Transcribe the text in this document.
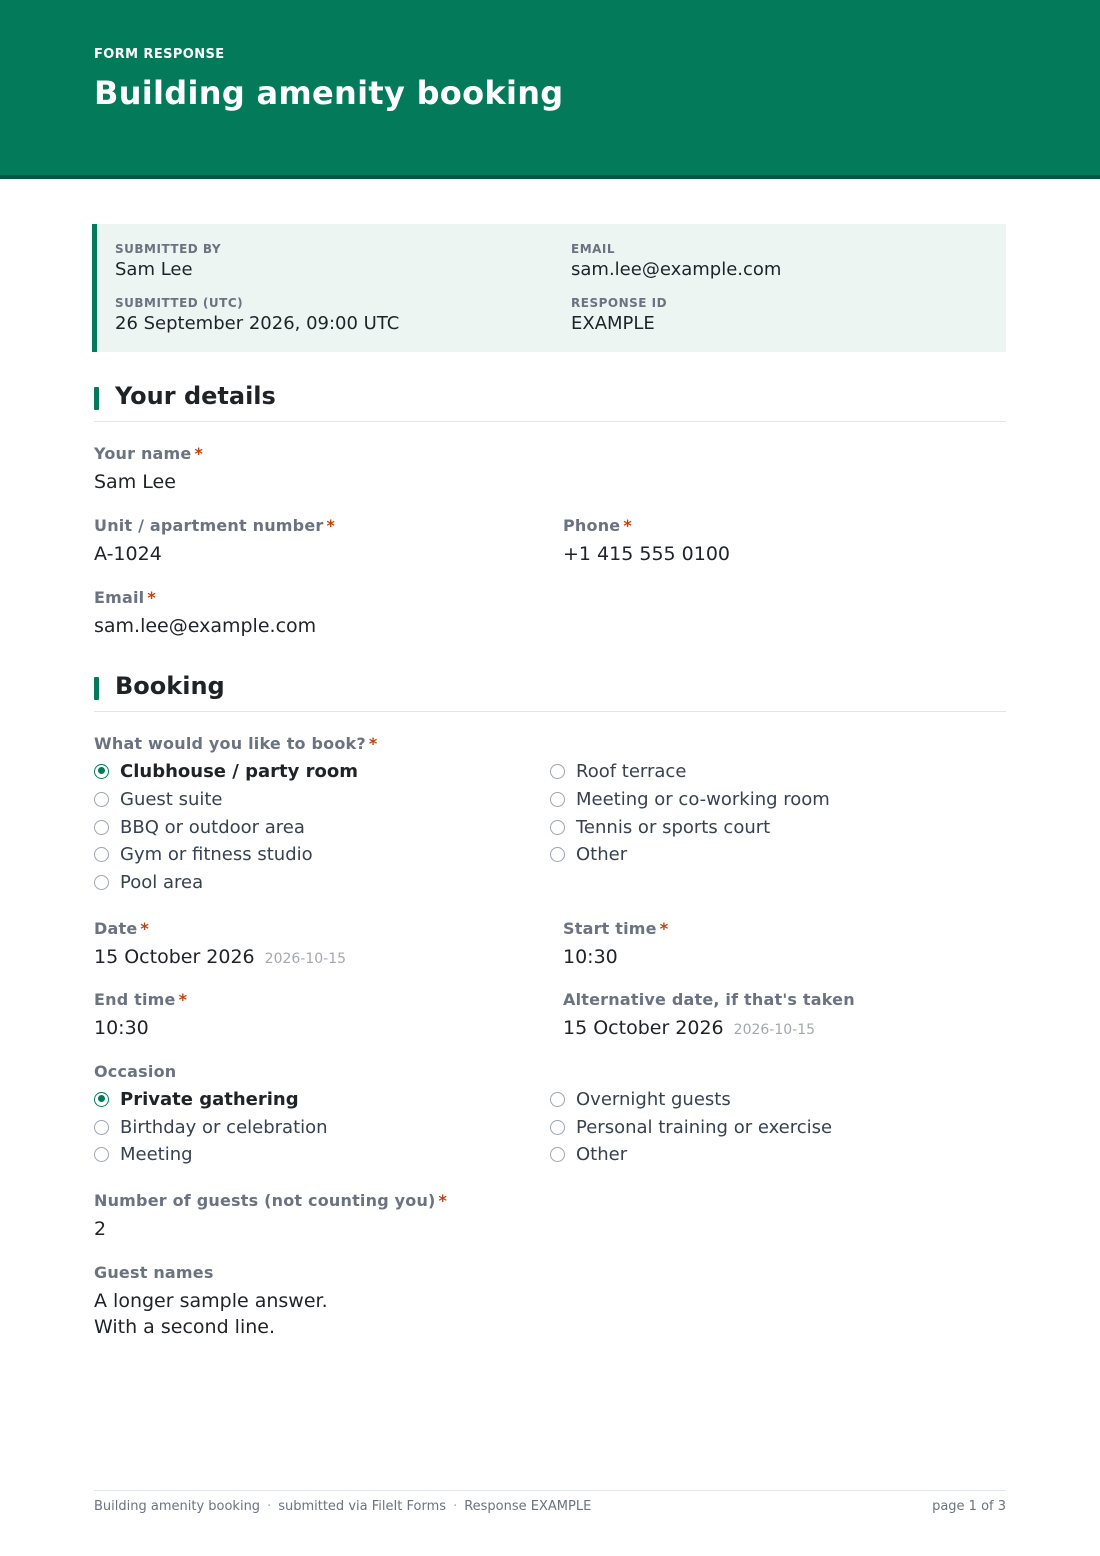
FORM RESPONSE
Building amenity booking
SUBMITTED BY
Sam Lee
EMAIL
sam.lee@example.com
SUBMITTED (UTC)
26 September 2026, 09:00 UTC
RESPONSE ID
EXAMPLE
Your details
Your name *
Sam Lee
Unit / apartment number *
A-1024
Phone *
+1 415 555 0100
Email *
sam.lee@example.com
Booking
What would you like to book? *
Clubhouse / party room
Guest suite
BBQ or outdoor area
Gym or fitness studio
Pool area
Roof terrace
Meeting or co-working room
Tennis or sports court
Other
Date *
15 October 2026 2026-10-15
Start time *
10:30
End time *
10:30
Alternative date, if that's taken
15 October 2026 2026-10-15
Occasion
Private gathering
Birthday or celebration
Meeting
Overnight guests
Personal training or exercise
Other
Number of guests (not counting you) *
2
Guest names
A longer sample answer.
With a second line.
Building amenity booking · submitted via FileIt Forms · Response EXAMPLE	page 1 of 3
